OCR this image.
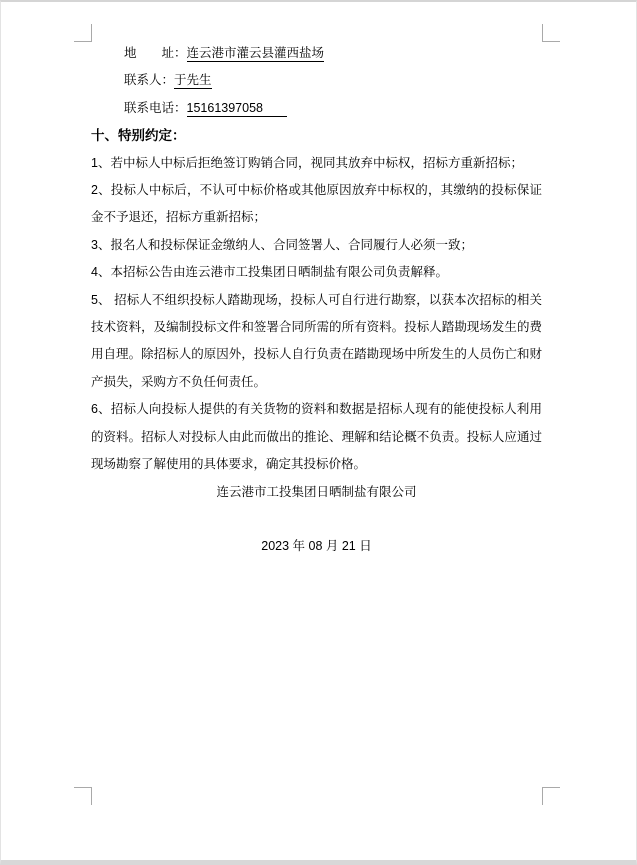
地　　址：连云港市灌云县灌西盐场

联系人：于先生

联系电话：15161397058

十、特别约定：

1、若中标人中标后拒绝签订购销合同，视同其放弃中标权，招标方重新招标；

2、投标人中标后，不认可中标价格或其他原因放弃中标权的，其缴纳的投标保证金不予退还，招标方重新招标；

3、报名人和投标保证金缴纳人、合同签署人、合同履行人必须一致；

4、本招标公告由连云港市工投集团日晒制盐有限公司负责解释。

5、 招标人不组织投标人踏勘现场，投标人可自行进行勘察，以获本次招标的相关技术资料，及编制投标文件和签署合同所需的所有资料。投标人踏勘现场发生的费用自理。除招标人的原因外，投标人自行负责在踏勘现场中所发生的人员伤亡和财产损失，采购方不负任何责任。

6、招标人向投标人提供的有关货物的资料和数据是招标人现有的能使投标人利用的资料。招标人对投标人由此而做出的推论、理解和结论概不负责。投标人应通过现场勘察了解使用的具体要求，确定其投标价格。

连云港市工投集团日晒制盐有限公司

2023 年 08 月 21 日
